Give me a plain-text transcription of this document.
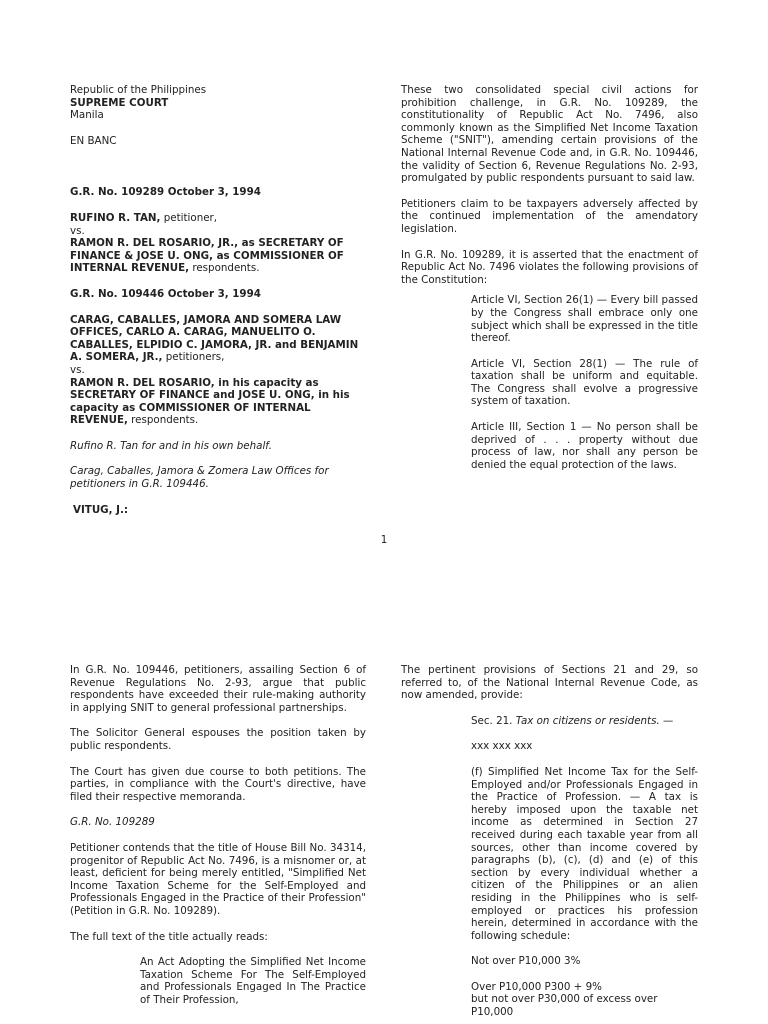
Republic of the Philippines
SUPREME COURT
Manila
EN BANC

G.R. No. 109289 October 3, 1994

RUFINO R. TAN, petitioner,
vs.

RAMON R. DEL ROSARIO, JR., as SECRETARY OF FINANCE & JOSE U. ONG, as COMMISSIONER OF INTERNAL REVENUE, respondents.

G.R. No. 109446 October 3, 1994

CARAG, CABALLES, JAMORA AND SOMERA LAW OFFICES, CARLO A. CARAG, MANUELITO O. CABALLES, ELPIDIO C. JAMORA, JR. and BENJAMIN A. SOMERA, JR., petitioners,
vs.

RAMON R. DEL ROSARIO, in his capacity as SECRETARY OF FINANCE and JOSE U. ONG, in his capacity as COMMISSIONER OF INTERNAL REVENUE, respondents.

Rufino R. Tan for and in his own behalf.

Carag, Caballes, Jamora & Zomera Law Offices for petitioners in G.R. 109446.

VITUG, J.:

These two consolidated special civil actions for prohibition challenge, in G.R. No. 109289, the constitutionality of Republic Act No. 7496, also commonly known as the Simplified Net Income Taxation Scheme ("SNIT"), amending certain provisions of the National Internal Revenue Code and, in G.R. No. 109446, the validity of Section 6, Revenue Regulations No. 2-93, promulgated by public respondents pursuant to said law.

Petitioners claim to be taxpayers adversely affected by the continued implementation of the amendatory legislation.

In G.R. No. 109289, it is asserted that the enactment of Republic Act No. 7496 violates the following provisions of the Constitution:

Article VI, Section 26(1) — Every bill passed by the Congress shall embrace only one subject which shall be expressed in the title thereof.

Article VI, Section 28(1) — The rule of taxation shall be uniform and equitable. The Congress shall evolve a progressive system of taxation.

Article III, Section 1 — No person shall be deprived of . . . property without due process of law, nor shall any person be denied the equal protection of the laws.

1

In G.R. No. 109446, petitioners, assailing Section 6 of Revenue Regulations No. 2-93, argue that public respondents have exceeded their rule-making authority in applying SNIT to general professional partnerships.

The Solicitor General espouses the position taken by public respondents.

The Court has given due course to both petitions. The parties, in compliance with the Court's directive, have filed their respective memoranda.

G.R. No. 109289

Petitioner contends that the title of House Bill No. 34314, progenitor of Republic Act No. 7496, is a misnomer or, at least, deficient for being merely entitled, "Simplified Net Income Taxation Scheme for the Self-Employed and Professionals Engaged in the Practice of their Profession" (Petition in G.R. No. 109289).

The full text of the title actually reads:

An Act Adopting the Simplified Net Income Taxation Scheme For The Self-Employed and Professionals Engaged In The Practice of Their Profession,

The pertinent provisions of Sections 21 and 29, so referred to, of the National Internal Revenue Code, as now amended, provide:

Sec. 21. Tax on citizens or residents. —

xxx xxx xxx

(f) Simplified Net Income Tax for the Self-Employed and/or Professionals Engaged in the Practice of Profession. — A tax is hereby imposed upon the taxable net income as determined in Section 27 received during each taxable year from all sources, other than income covered by paragraphs (b), (c), (d) and (e) of this section by every individual whether a citizen of the Philippines or an alien residing in the Philippines who is self-employed or practices his profession herein, determined in accordance with the following schedule:

Not over P10,000 3%

Over P10,000 P300 + 9%
but not over P30,000 of excess over
P10,000
